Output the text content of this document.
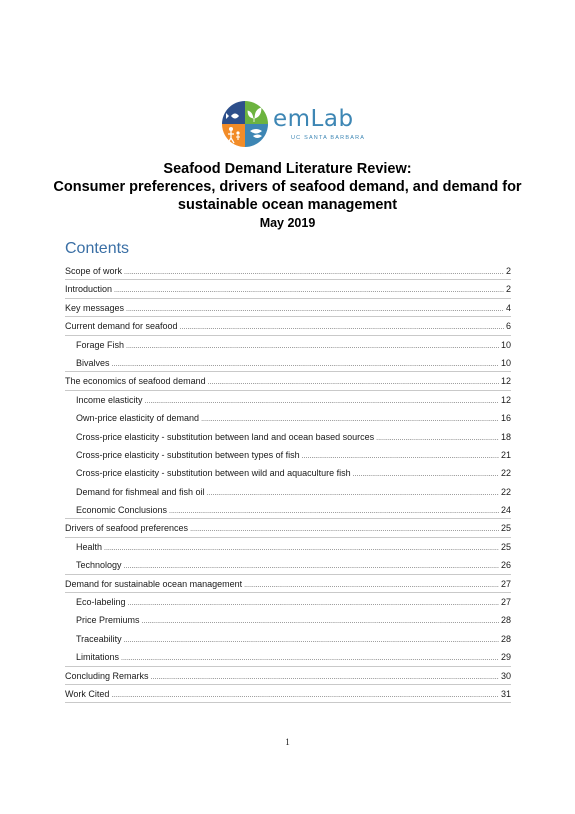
emLab
UC SANTA BARBARA
Seafood Demand Literature Review:
Consumer preferences, drivers of seafood demand, and demand for
sustainable ocean management
May 2019
Contents
Scope of work .....	2
Introduction .....	2
Key messages .....	4
Current demand for seafood .....	6
Forage Fish .....	10
Bivalves .....	10
The economics of seafood demand .....	12
Income elasticity .....	12
Own-price elasticity of demand .....	16
Cross-price elasticity - substitution between land and ocean based sources .....	18
Cross-price elasticity - substitution between types of fish .....	21
Cross-price elasticity - substitution between wild and aquaculture fish .....	22
Demand for fishmeal and fish oil .....	22
Economic Conclusions .....	24
Drivers of seafood preferences .....	25
Health .....	25
Technology .....	26
Demand for sustainable ocean management .....	27
Eco-labeling .....	27
Price Premiums .....	28
Traceability .....	28
Limitations .....	29
Concluding Remarks .....	30
Work Cited .....	31
1
